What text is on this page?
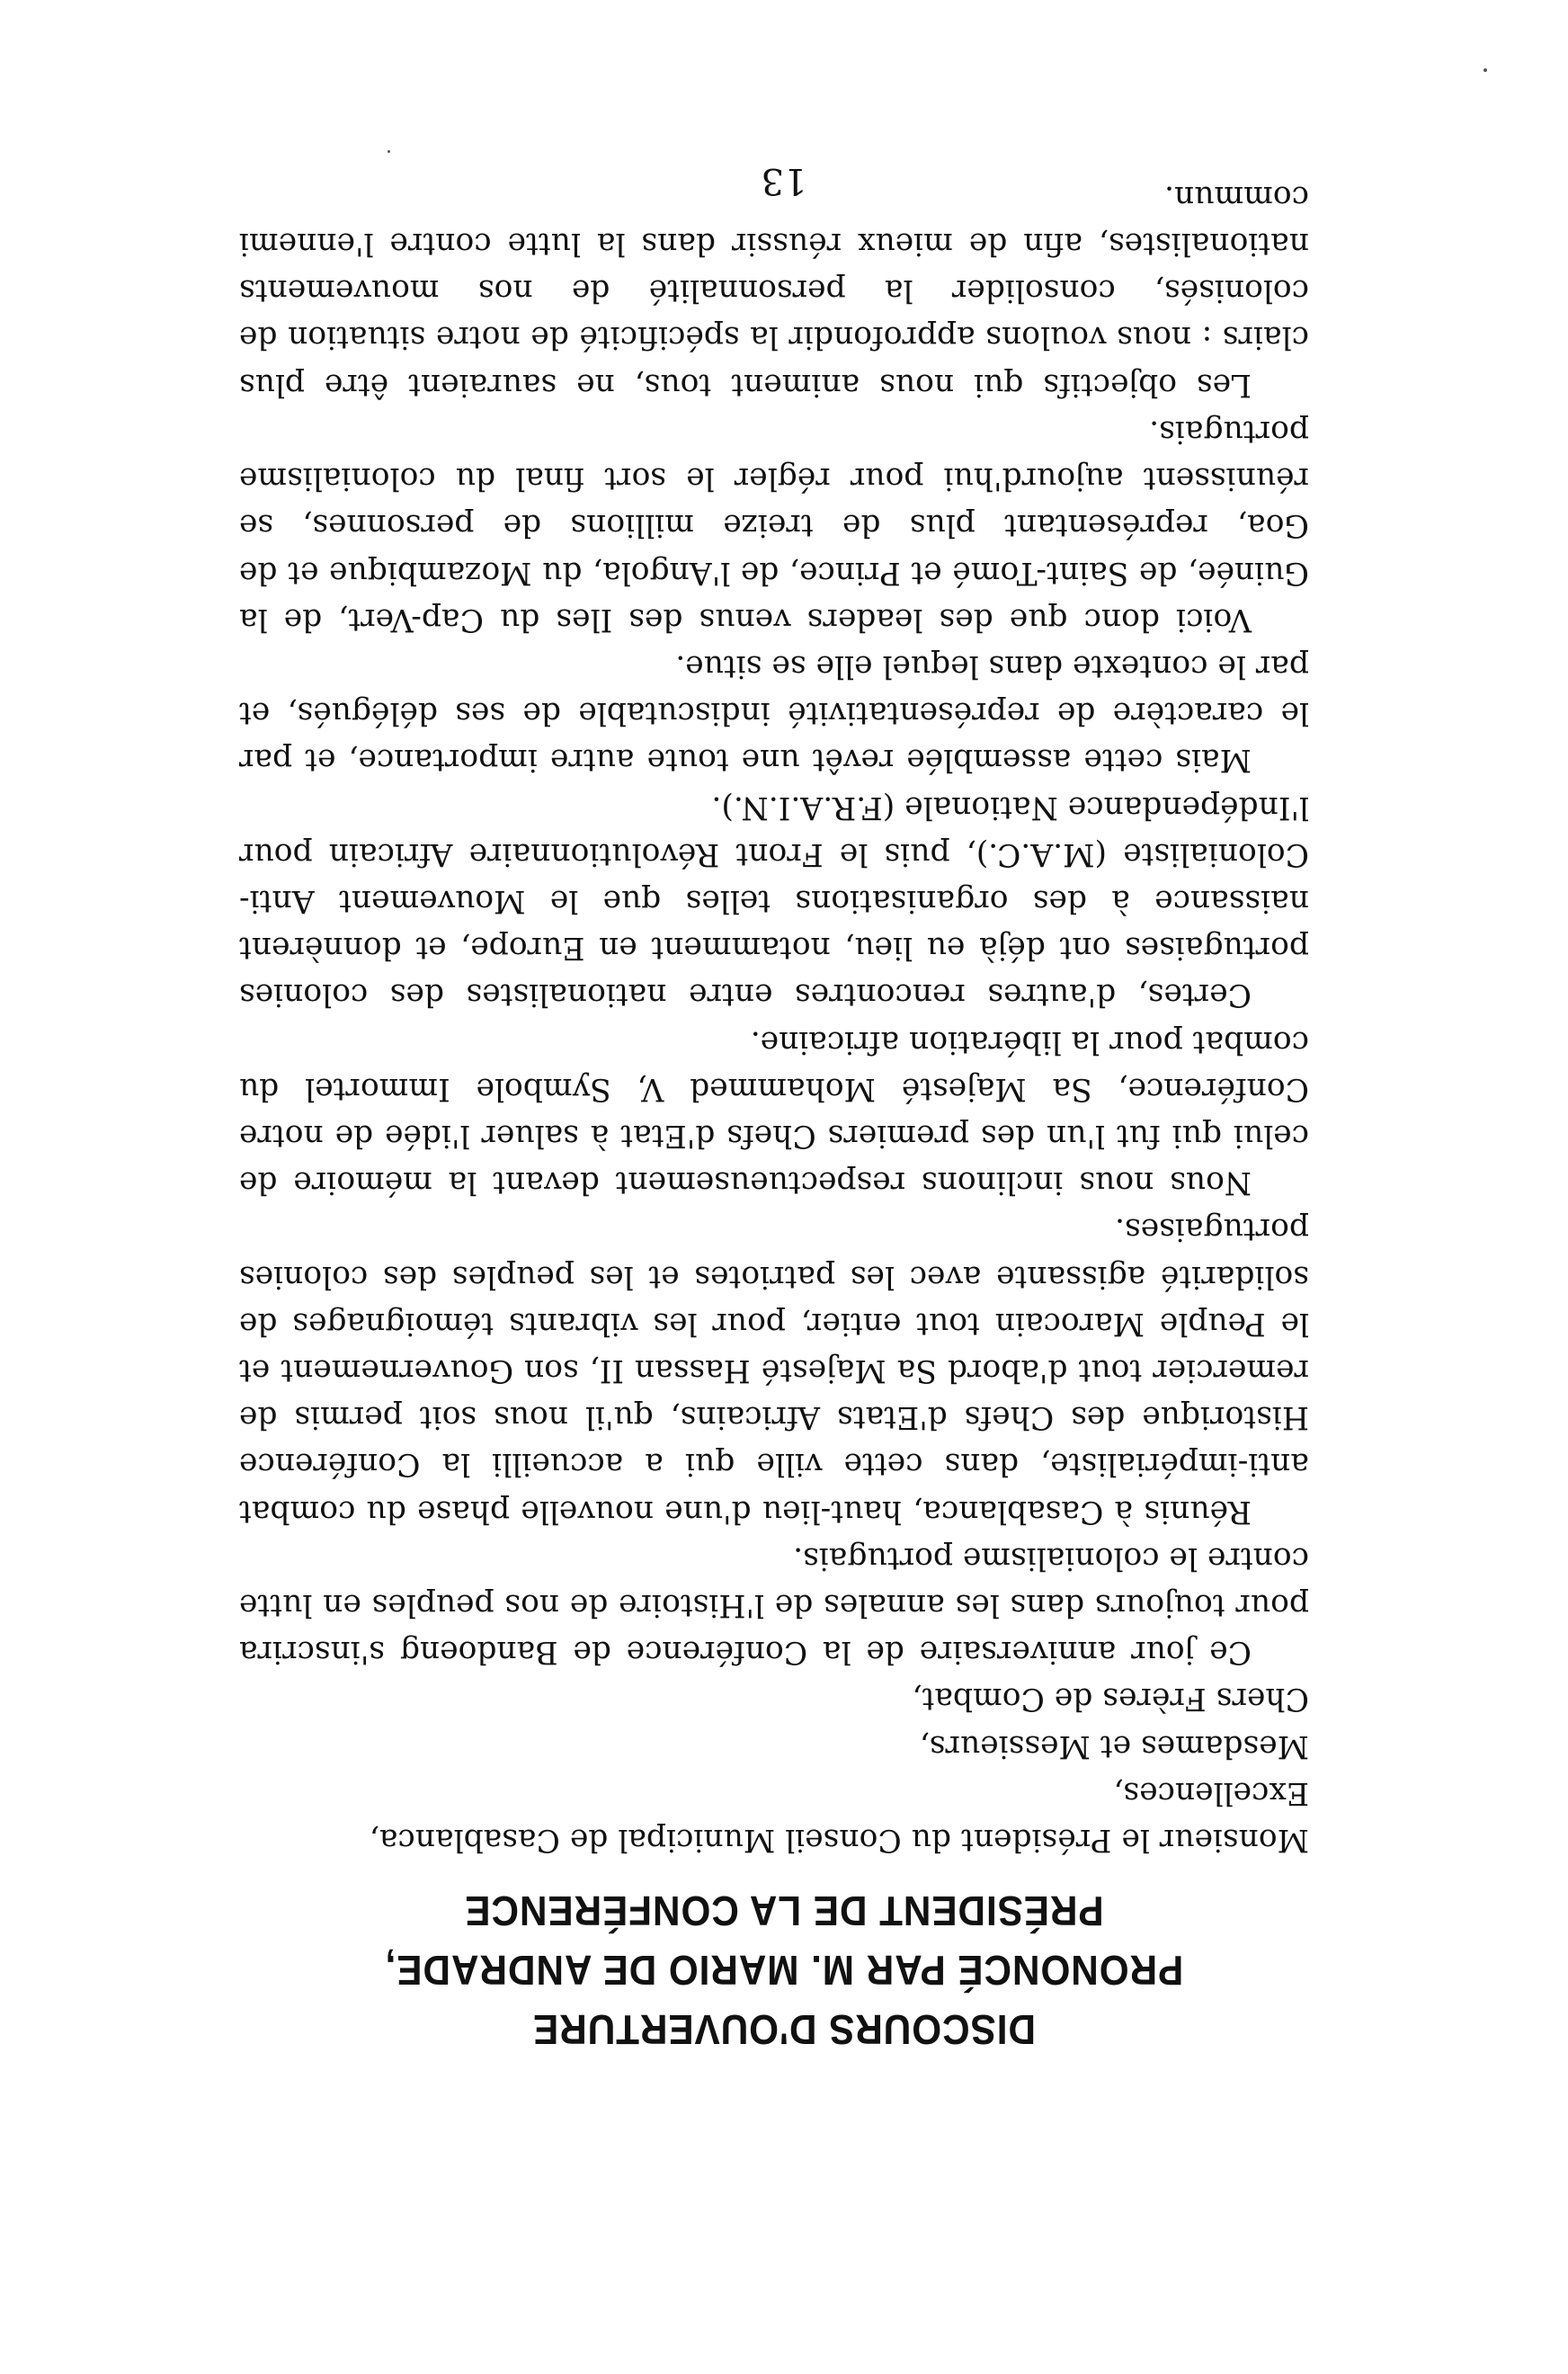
DISCOURS D'OUVERTURE
PRONONCÉ PAR M. MARIO DE ANDRADE,
PRÉSIDENT DE LA CONFÉRENCE

Monsieur le Président du Conseil Municipal de Casablanca,

Excellences,

Mesdames et Messieurs,

Chers Frères de Combat,

Ce jour anniversaire de la Conférence de Bandoeng s'inscrira pour toujours dans les annales de l'Histoire de nos peuples en lutte contre le colonialisme portugais.

Réunis à Casablanca, haut-lieu d'une nouvelle phase du combat anti-impérialiste, dans cette ville qui a accueilli la Conférence Historique des Chefs d'Etats Africains, qu'il nous soit permis de remercier tout d'abord Sa Majesté Hassan II, son Gouvernement et le Peuple Marocain tout entier, pour les vibrants témoignages de solidarité agissante avec les patriotes et les peuples des colonies portugaises.

Nous nous inclinons respectueusement devant la mémoire de celui qui fut l'un des premiers Chefs d'Etat à saluer l'idée de notre Conférence, Sa Majesté Mohammed V, Symbole Immortel du combat pour la libération africaine.

Certes, d'autres rencontres entre nationalistes des colonies portugaises ont déjà eu lieu, notamment en Europe, et donnèrent naissance à des organisations telles que le Mouvement Anti-Colonialiste (M.A.C.), puis le Front Révolutionnaire Africain pour l'Indépendance Nationale (F.R.A.I.N.).

Mais cette assemblée revêt une toute autre importance, et par le caractère de représentativité indiscutable de ses délégués, et par le contexte dans lequel elle se situe.

Voici donc que des leaders venus des Iles du Cap-Vert, de la Guinée, de Saint-Tomé et Prince, de l'Angola, du Mozambique et de Goa, représentant plus de treize millions de personnes, se réunissent aujourd'hui pour régler le sort final du colonialisme portugais.

Les objectifs qui nous animent tous, ne sauraient être plus clairs : nous voulons approfondir la spécificité de notre situation de colonisés, consolider la personnalité de nos mouvements nationalistes, afin de mieux réussir dans la lutte contre l'ennemi commun.

13
